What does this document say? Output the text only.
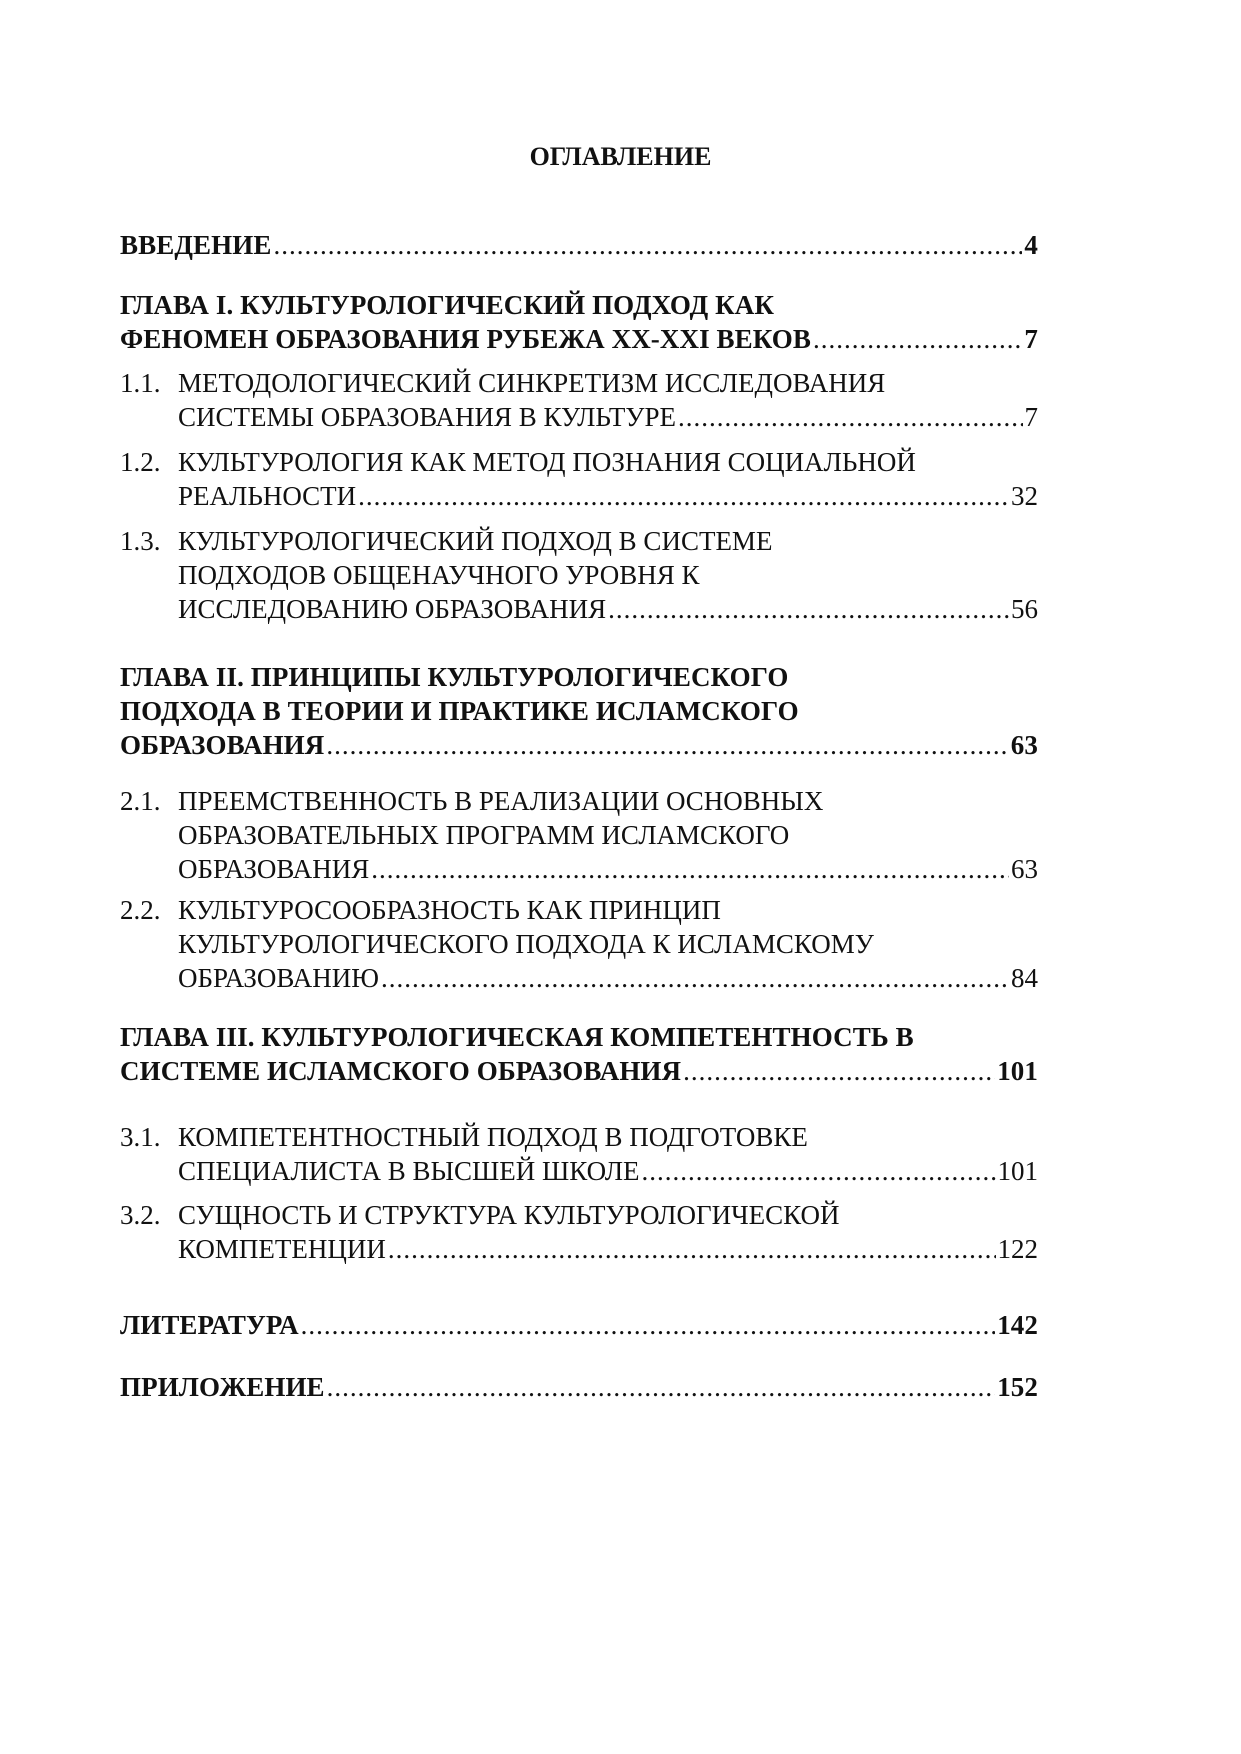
ОГЛАВЛЕНИЕ
ВВЕДЕНИЕ .....	4
ГЛАВА I. КУЛЬТУРОЛОГИЧЕСКИЙ ПОДХОД КАК
ФЕНОМЕН ОБРАЗОВАНИЯ РУБЕЖА XX-XXI ВЕКОВ .....	7
1.1. МЕТОДОЛОГИЧЕСКИЙ СИНКРЕТИЗМ ИССЛЕДОВАНИЯ
СИСТЕМЫ ОБРАЗОВАНИЯ В КУЛЬТУРЕ .....	7
1.2. КУЛЬТУРОЛОГИЯ КАК МЕТОД ПОЗНАНИЯ СОЦИАЛЬНОЙ
РЕАЛЬНОСТИ .....	32
1.3. КУЛЬТУРОЛОГИЧЕСКИЙ ПОДХОД В СИСТЕМЕ
ПОДХОДОВ ОБЩЕНАУЧНОГО УРОВНЯ К
ИССЛЕДОВАНИЮ ОБРАЗОВАНИЯ .....	56
ГЛАВА II. ПРИНЦИПЫ КУЛЬТУРОЛОГИЧЕСКОГО
ПОДХОДА В ТЕОРИИ И ПРАКТИКЕ ИСЛАМСКОГО
ОБРАЗОВАНИЯ .....	63
2.1. ПРЕЕМСТВЕННОСТЬ В РЕАЛИЗАЦИИ ОСНОВНЫХ
ОБРАЗОВАТЕЛЬНЫХ ПРОГРАММ ИСЛАМСКОГО
ОБРАЗОВАНИЯ .....	63
2.2. КУЛЬТУРОСООБРАЗНОСТЬ КАК ПРИНЦИП
КУЛЬТУРОЛОГИЧЕСКОГО ПОДХОДА К ИСЛАМСКОМУ
ОБРАЗОВАНИЮ .....	84
ГЛАВА III. КУЛЬТУРОЛОГИЧЕСКАЯ КОМПЕТЕНТНОСТЬ В
СИСТЕМЕ ИСЛАМСКОГО ОБРАЗОВАНИЯ .....	101
3.1. КОМПЕТЕНТНОСТНЫЙ ПОДХОД В ПОДГОТОВКЕ
СПЕЦИАЛИСТА В ВЫСШЕЙ ШКОЛЕ .....	101
3.2. СУЩНОСТЬ И СТРУКТУРА КУЛЬТУРОЛОГИЧЕСКОЙ
КОМПЕТЕНЦИИ .....	122
ЛИТЕРАТУРА .....	142
ПРИЛОЖЕНИЕ .....	152
